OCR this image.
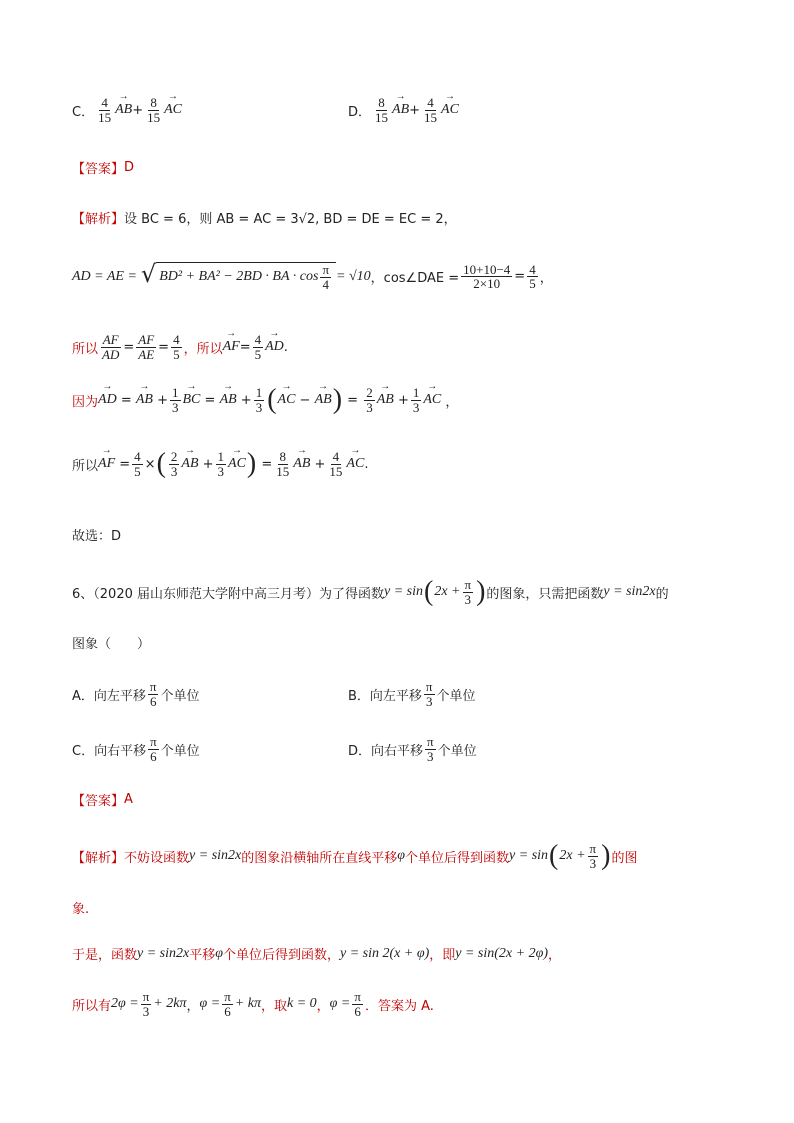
C． $\frac{4}{15}$ → AB + $\frac{8}{15}$ → AC	D． $\frac{8}{15}$ → AB + $\frac{4}{15}$ → AC
【答案】 D
【解析】 设 BC = 6，则 AB = AC = 3√2, BD = DE = EC = 2，
AD = AE = √ BD² + BA² − 2BD · BA · $\cos \frac{\pi}{4} = √10$ ，cos∠DAE = $\frac{10+10-4}{2\times 10} = \frac{4}{5}$ ，
所以 $\frac{AF}{AD} = \frac{AF}{AE} = \frac{4}{5}$ ，所以 → AF = $\frac{4}{5}$ → AD .
因为 → AD = → AB + $\frac{1}{3}$ → BC = → AB + $\frac{1}{3}$ ( → AC − → AB ) = $\frac{2}{3}$ → AB + $\frac{1}{3}$ → AC ，
所以 → AF = $\frac{4}{5}$ × ( $\frac{2}{3}$ → AB + $\frac{1}{3}$ → AC ) = $\frac{8}{15}$ → AB + $\frac{4}{15}$ → AC .
故选：D
6、（2020 届山东师范大学附中高三月考）为了得函数 y = sin ( $2x + \frac{\pi}{3}$ ) 的图象，只需把函数 y = sin2x 的
图象（　　）
A．向左平移 $\frac{\pi}{6}$ 个单位	B．向左平移 $\frac{\pi}{3}$ 个单位
C．向右平移 $\frac{\pi}{6}$ 个单位	D．向右平移 $\frac{\pi}{3}$ 个单位
【答案】 A
【解析】 不妨设函数 y = sin2x 的图象沿横轴所在直线平移 φ 个单位后得到函数 y = sin ( $2x + \frac{\pi}{3}$ ) 的图
象.
于是，函数 y = sin2x 平移 φ 个单位后得到函数， y = sin 2(x + φ) ，即 y = sin(2x + 2φ) ，
所以有 $2\varphi = \frac{\pi}{3} + 2k\pi$ ， $\varphi = \frac{\pi}{6} + k\pi$ ，取 k = 0 ， $\varphi = \frac{\pi}{6}$ ．答案为 A.
